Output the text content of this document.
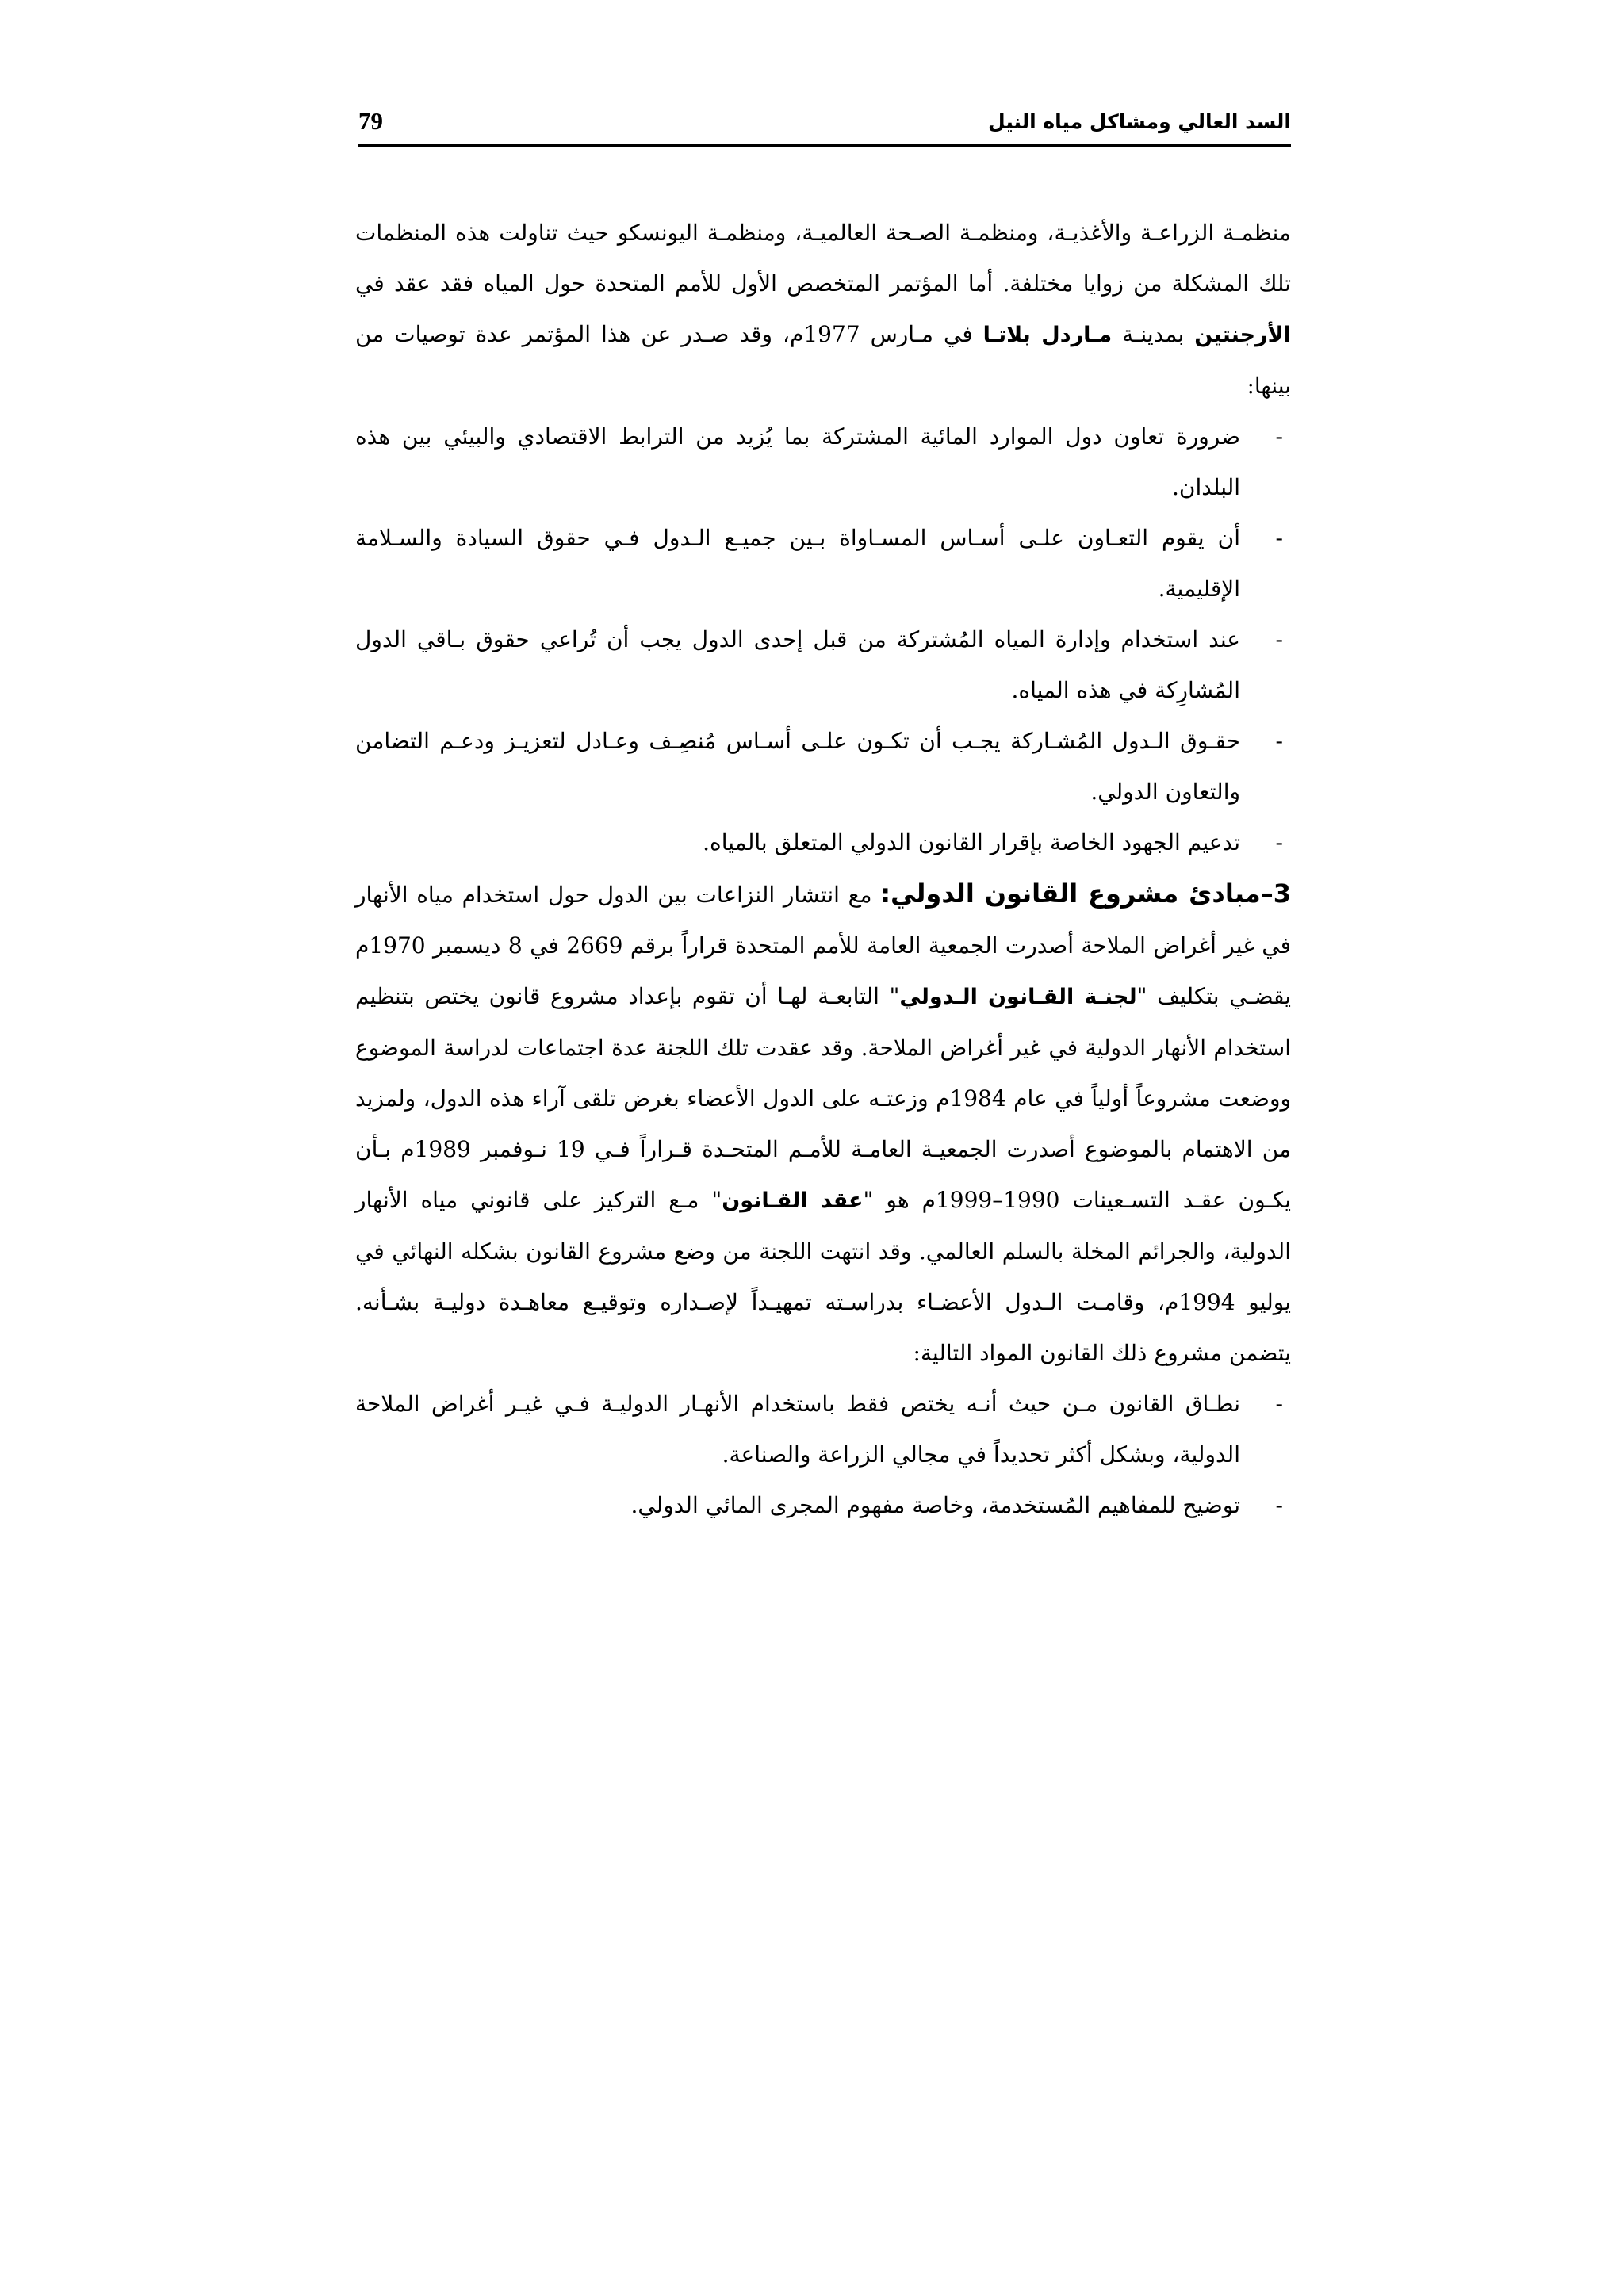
السد العالي ومشاكل مياه النيل
79

منظمـة الزراعـة والأغذيـة، ومنظمـة الصـحة العالميـة، ومنظمـة اليونسكو حيث تناولت هذه المنظمات تلك المشكلة من زوايا مختلفة. أما المؤتمر المتخصص الأول للأمم المتحدة حول المياه فقد عقد في الأرجنتين بمدينـة مـاردل بلاتـا في مـارس 1977م، وقد صـدر عن هذا المؤتمر عدة توصيات من بينها:

- ضرورة تعاون دول الموارد المائية المشتركة بما يُزيد من الترابط الاقتصادي والبيئي بين هذه البلدان.
- أن يقوم التعـاون علـى أسـاس المسـاواة بـين جميـع الـدول فـي حقوق السيادة والسـلامة الإقليمية.
- عند استخدام وإدارة المياه المُشتركة من قبل إحدى الدول يجب أن تُراعي حقوق بـاقي الدول المُشارِكة في هذه المياه.
- حقـوق الـدول المُشـاركة يجـب أن تكـون علـى أسـاس مُنصِـف وعـادل لتعزيـز ودعـم التضامن والتعاون الدولي.
- تدعيم الجهود الخاصة بإقرار القانون الدولي المتعلق بالمياه.

3–مبادئ مشروع القانون الدولي: مع انتشار النزاعات بين الدول حول استخدام مياه الأنهار في غير أغراض الملاحة أصدرت الجمعية العامة للأمم المتحدة قراراً برقم 2669 في 8 ديسمبر 1970م يقضـي بتكليف "لجنـة القـانون الـدولي" التابعـة لهـا أن تقوم بإعداد مشروع قانون يختص بتنظيم استخدام الأنهار الدولية في غير أغراض الملاحة. وقد عقدت تلك اللجنة عدة اجتماعات لدراسة الموضوع ووضعت مشروعاً أولياً في عام 1984م وزعتـه على الدول الأعضاء بغرض تلقى آراء هذه الدول، ولمزيد من الاهتمام بالموضوع أصدرت الجمعيـة العامـة للأمـم المتحـدة قـراراً فـي 19 نـوفمبر 1989م بـأن يكـون عقـد التسـعينات 1990–1999م هو "عقد القـانون" مـع التركيز على قانوني مياه الأنهار الدولية، والجرائم المخلة بالسلم العالمي. وقد انتهت اللجنة من وضع مشروع القانون بشكله النهائي في يوليو 1994م، وقامـت الـدول الأعضـاء بدراسـته تمهيـداً لإصـداره وتوقيـع معاهـدة دوليـة بشـأنه. يتضمن مشروع ذلك القانون المواد التالية:

- نطـاق القانون مـن حيث أنـه يختص فقط باستخدام الأنهـار الدوليـة فـي غيـر أغراض الملاحة الدولية، وبشكل أكثر تحديداً في مجالي الزراعة والصناعة.
- توضيح للمفاهيم المُستخدمة، وخاصة مفهوم المجرى المائي الدولي.
